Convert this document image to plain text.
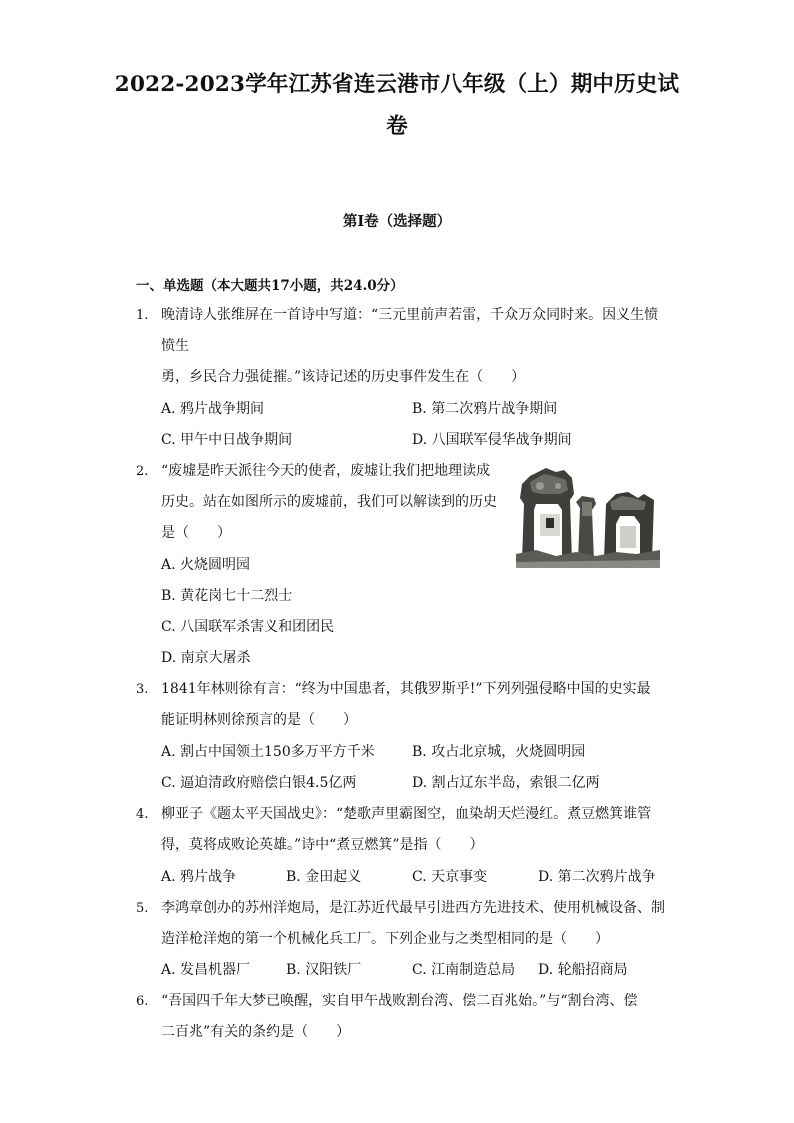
2022-2023学年江苏省连云港市八年级（上）期中历史试
卷
第I卷（选择题）
一、单选题（本大题共17小题，共24.0分）
1. 晚清诗人张维屏在一首诗中写道：“三元里前声若雷，千众万众同时来。因义生愤
愤生
勇，乡民合力强徒摧。”该诗记述的历史事件发生在（　　）
A. 鸦片战争期间	B. 第二次鸦片战争期间
C. 甲午中日战争期间	D. 八国联军侵华战争期间
2. “废墟是昨天派往今天的使者，废墟让我们把地理读成
历史。站在如图所示的废墟前，我们可以解读到的历史
是（　　）
A. 火烧圆明园
B. 黄花岗七十二烈士
C. 八国联军杀害义和团团民
D. 南京大屠杀
3. 1841年林则徐有言：“终为中国患者，其俄罗斯乎!”下列列强侵略中国的史实最
能证明林则徐预言的是（　　）
A. 割占中国领土150多万平方千米	B. 攻占北京城，火烧圆明园
C. 逼迫清政府赔偿白银4.5亿两	D. 割占辽东半岛，索银二亿两
4. 柳亚子《题太平天国战史》：“楚歌声里霸图空，血染胡天烂漫红。煮豆燃箕谁管
得，莫将成败论英雄。”诗中“煮豆燃箕”是指（　　）
A. 鸦片战争	B. 金田起义	C. 天京事变	D. 第二次鸦片战争
5. 李鸿章创办的苏州洋炮局，是江苏近代最早引进西方先进技术、使用机械设备、制
造洋枪洋炮的第一个机械化兵工厂。下列企业与之类型相同的是（　　）
A. 发昌机器厂	B. 汉阳铁厂	C. 江南制造总局 D. 轮船招商局
6. “吾国四千年大梦已唤醒，实自甲午战败割台湾、偿二百兆始。”与“割台湾、偿
二百兆”有关的条约是（　　）
